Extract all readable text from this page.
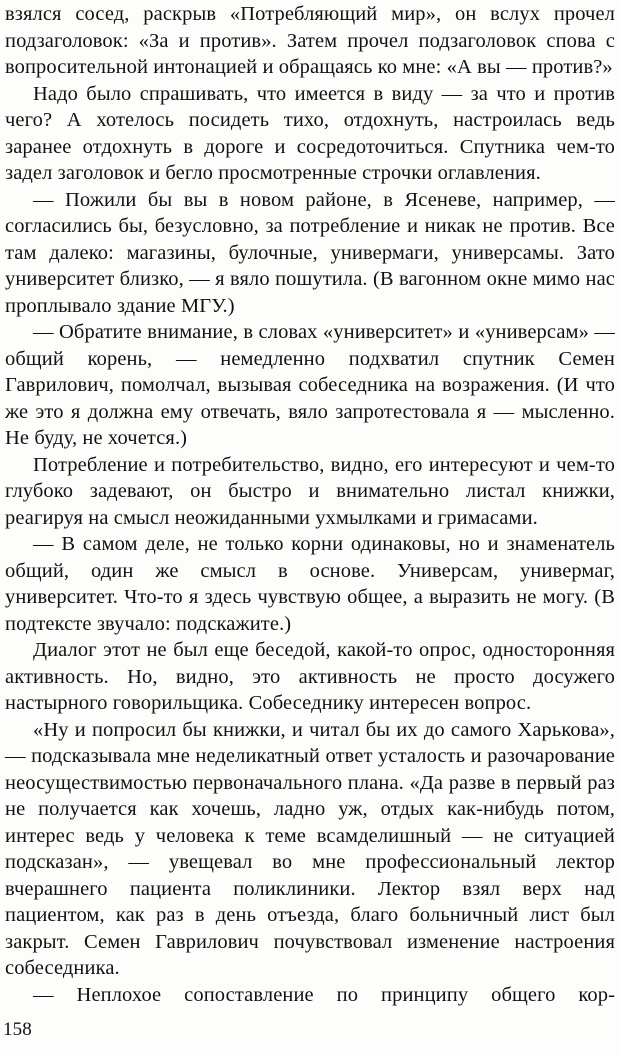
взялся сосед, раскрыв «Потребляющий мир», он вслух прочел подзаголовок: «За и против». Затем прочел подзаголовок спова с вопросительной интонацией и обращаясь ко мне: «А вы — против?»

Надо было спрашивать, что имеется в виду — за что и против чего? А хотелось посидеть тихо, отдохнуть, настроилась ведь заранее отдохнуть в дороге и сосредоточиться. Спутника чем-то задел заголовок и бегло просмотренные строчки оглавления.

— Пожили бы вы в новом районе, в Ясеневе, например, — согласились бы, безусловно, за потребление и никак не против. Все там далеко: магазины, булочные, универмаги, универсамы. Зато университет близко, — я вяло пошутила. (В вагонном окне мимо нас проплывало здание МГУ.)

— Обратите внимание, в словах «университет» и «универсам» — общий корень, — немедленно подхватил спутник Семен Гаврилович, помолчал, вызывая собеседника на возражения. (И что же это я должна ему отвечать, вяло запротестовала я — мысленно. Не буду, не хочется.)

Потребление и потребительство, видно, его интересуют и чем-то глубоко задевают, он быстро и внимательно листал книжки, реагируя на смысл неожиданными ухмылками и гримасами.

— В самом деле, не только корни одинаковы, но и знаменатель общий, один же смысл в основе. Универсам, универмаг, университет. Что-то я здесь чувствую общее, а выразить не могу. (В подтексте звучало: подскажите.)

Диалог этот не был еще беседой, какой-то опрос, односторонняя активность. Но, видно, это активность не просто досужего настырного говорильщика. Собеседнику интересен вопрос.

«Ну и попросил бы книжки, и читал бы их до самого Харькова», — подсказывала мне неделикатный ответ усталость и разочарование неосуществимостью первоначального плана. «Да разве в первый раз не получается как хочешь, ладно уж, отдых как-нибудь потом, интерес ведь у человека к теме всамделишный — не ситуацией подсказан», — увещевал во мне профессиональный лектор вчерашнего пациента поликлиники. Лектор взял верх над пациентом, как раз в день отъезда, благо больничный лист был закрыт. Семен Гаврилович почувствовал изменение настроения собеседника.

— Неплохое сопоставление по принципу общего кор-

158
